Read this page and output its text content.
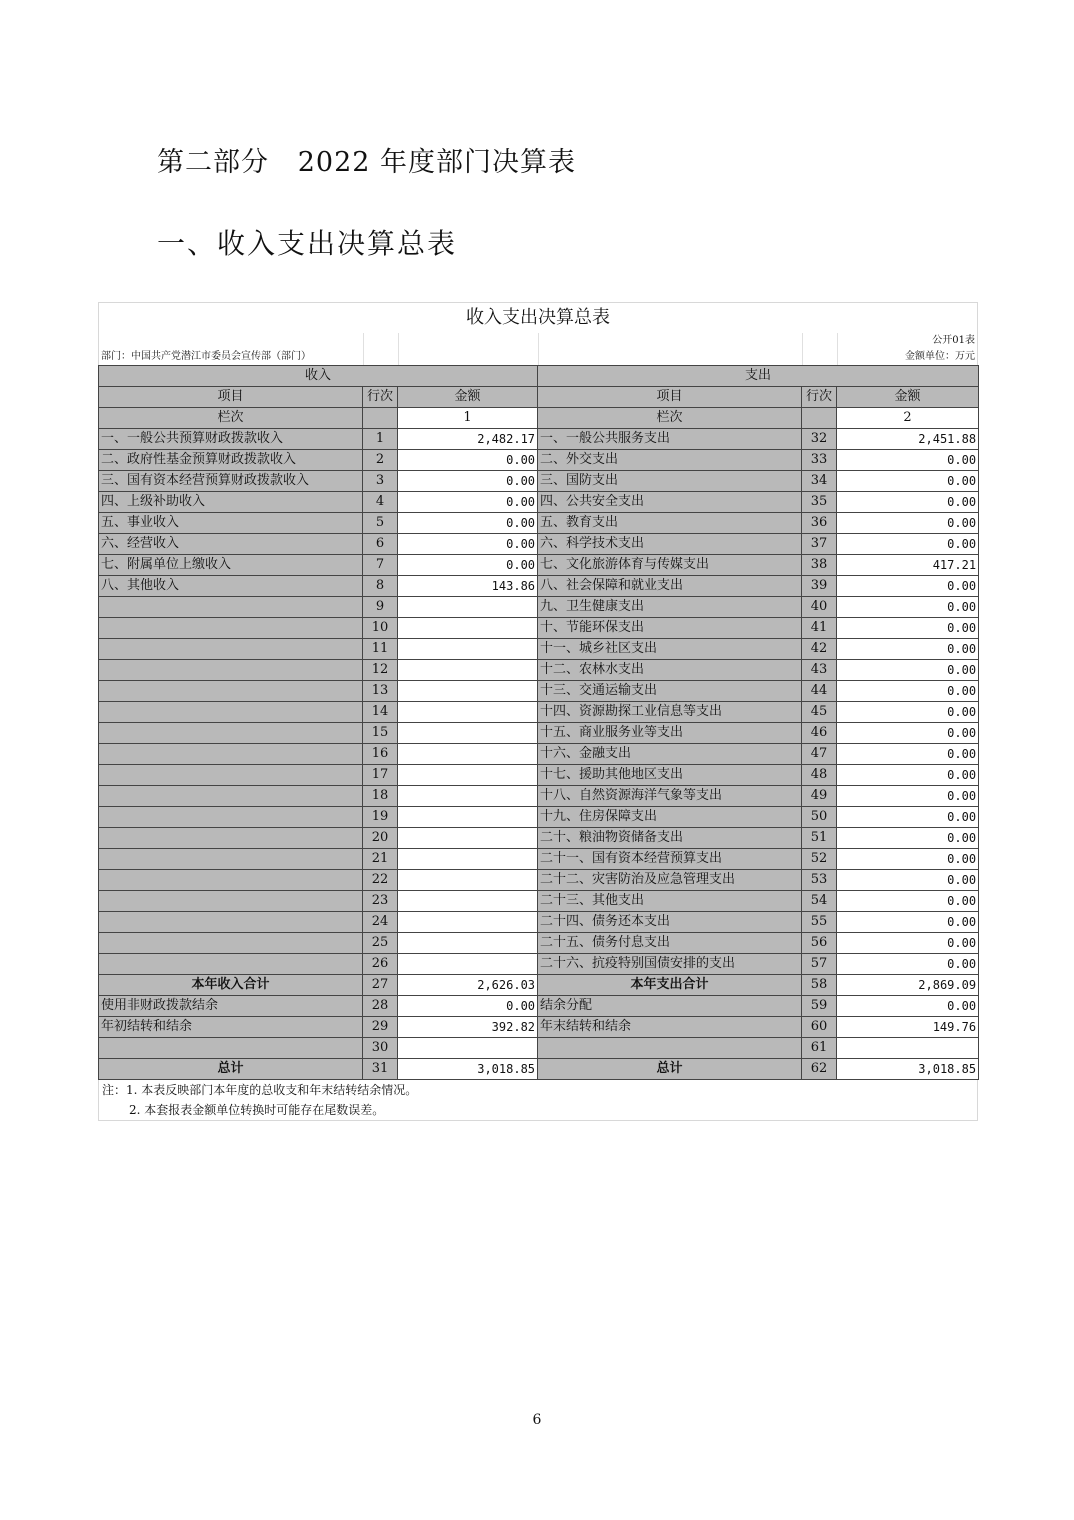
第二部分   2022 年度部门决算表
一、收入支出决算总表
收入支出决算总表
公开01表
部门：中国共产党潜江市委员会宣传部（部门）	金额单位：万元
收入			支出		
项目	行次	金额	项目	行次	金额
栏次		1	栏次		2
一、一般公共预算财政拨款收入	1	2,482.17	一、一般公共服务支出	32	2,451.88
二、政府性基金预算财政拨款收入	2	0.00	二、外交支出	33	0.00
三、国有资本经营预算财政拨款收入	3	0.00	三、国防支出	34	0.00
四、上级补助收入	4	0.00	四、公共安全支出	35	0.00
五、事业收入	5	0.00	五、教育支出	36	0.00
六、经营收入	6	0.00	六、科学技术支出	37	0.00
七、附属单位上缴收入	7	0.00	七、文化旅游体育与传媒支出	38	417.21
八、其他收入	8	143.86	八、社会保障和就业支出	39	0.00
	9		九、卫生健康支出	40	0.00
	10		十、节能环保支出	41	0.00
	11		十一、城乡社区支出	42	0.00
	12		十二、农林水支出	43	0.00
	13		十三、交通运输支出	44	0.00
	14		十四、资源勘探工业信息等支出	45	0.00
	15		十五、商业服务业等支出	46	0.00
	16		十六、金融支出	47	0.00
	17		十七、援助其他地区支出	48	0.00
	18		十八、自然资源海洋气象等支出	49	0.00
	19		十九、住房保障支出	50	0.00
	20		二十、粮油物资储备支出	51	0.00
	21		二十一、国有资本经营预算支出	52	0.00
	22		二十二、灾害防治及应急管理支出	53	0.00
	23		二十三、其他支出	54	0.00
	24		二十四、债务还本支出	55	0.00
	25		二十五、债务付息支出	56	0.00
	26		二十六、抗疫特别国债安排的支出	57	0.00
本年收入合计	27	2,626.03	本年支出合计	58	2,869.09
使用非财政拨款结余	28	0.00	结余分配	59	0.00
年初结转和结余	29	392.82	年末结转和结余	60	149.76
	30			61	
总计	31	3,018.85	总计	62	3,018.85
注：1. 本表反映部门本年度的总收支和年末结转结余情况。
2. 本套报表金额单位转换时可能存在尾数误差。
6
